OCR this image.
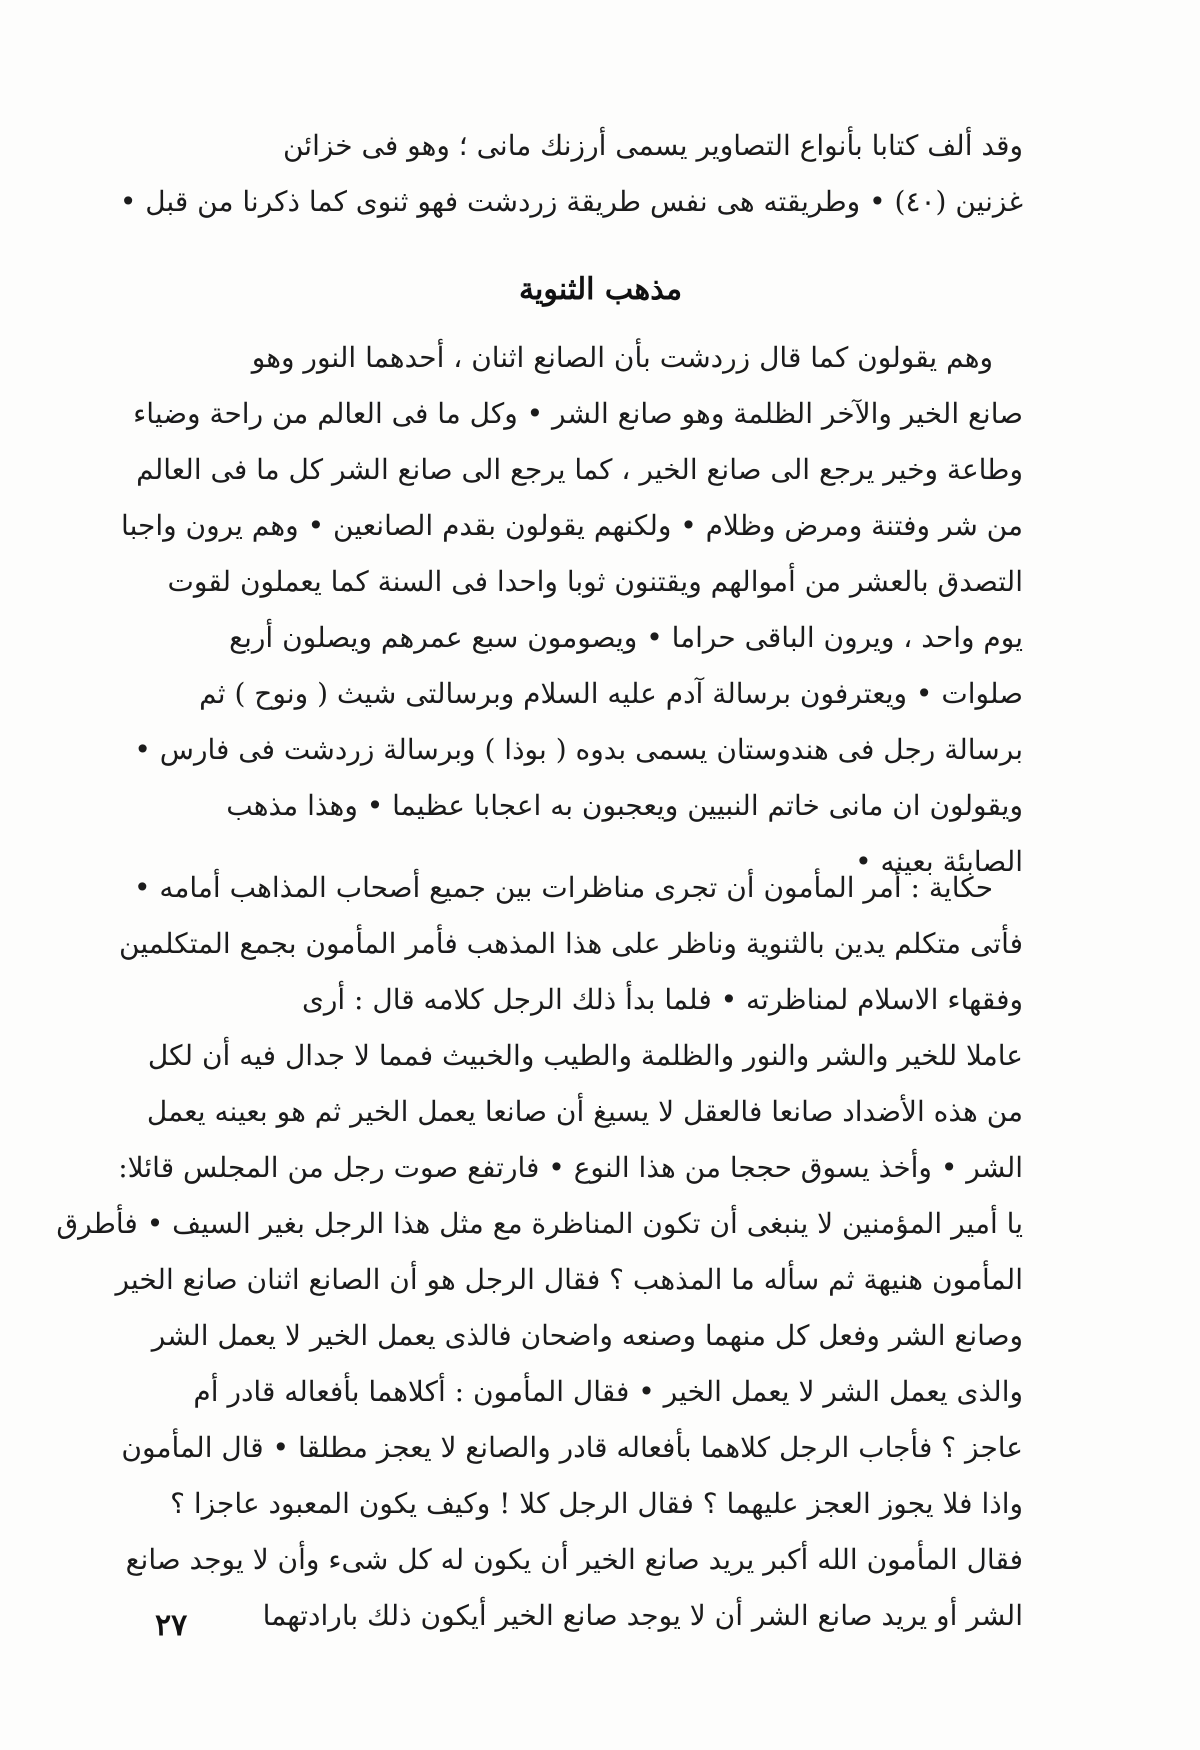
وقد ألف كتابا بأنواع التصاوير يسمى أرزنك مانى ؛ وهو فى خزائن
غزنين (٤٠) • وطريقته هى نفس طريقة زردشت فهو ثنوى كما ذكرنا من قبل •
مذهب الثنوية
وهم يقولون كما قال زردشت بأن الصانع اثنان ، أحدهما النور وهو
صانع الخير والآخر الظلمة وهو صانع الشر • وكل ما فى العالم من راحة وضياء
وطاعة وخير يرجع الى صانع الخير ، كما يرجع الى صانع الشر كل ما فى العالم
من شر وفتنة ومرض وظلام • ولكنهم يقولون بقدم الصانعين • وهم يرون واجبا
التصدق بالعشر من أموالهم ويقتنون ثوبا واحدا فى السنة كما يعملون لقوت
يوم واحد ، ويرون الباقى حراما • ويصومون سبع عمرهم ويصلون أربع
صلوات • ويعترفون برسالة آدم عليه السلام وبرسالتى شيث ( ونوح ) ثم
برسالة رجل فى هندوستان يسمى بدوه ( بوذا ) وبرسالة زردشت فى فارس •
ويقولون ان مانى خاتم النبيين ويعجبون به اعجابا عظيما • وهذا مذهب
الصابئة بعينه •
حكاية : أمر المأمون أن تجرى مناظرات بين جميع أصحاب المذاهب أمامه •
فأتى متكلم يدين بالثنوية وناظر على هذا المذهب فأمر المأمون بجمع المتكلمين
وفقهاء الاسلام لمناظرته • فلما بدأ ذلك الرجل كلامه قال : أرى
عاملا للخير والشر والنور والظلمة والطيب والخبيث فمما لا جدال فيه أن لكل
من هذه الأضداد صانعا فالعقل لا يسيغ أن صانعا يعمل الخير ثم هو بعينه يعمل
الشر • وأخذ يسوق حججا من هذا النوع • فارتفع صوت رجل من المجلس قائلا:
يا أمير المؤمنين لا ينبغى أن تكون المناظرة مع مثل هذا الرجل بغير السيف • فأطرق
المأمون هنيهة ثم سأله ما المذهب ؟ فقال الرجل هو أن الصانع اثنان صانع الخير
وصانع الشر وفعل كل منهما وصنعه واضحان فالذى يعمل الخير لا يعمل الشر
والذى يعمل الشر لا يعمل الخير • فقال المأمون : أكلاهما بأفعاله قادر أم
عاجز ؟ فأجاب الرجل كلاهما بأفعاله قادر والصانع لا يعجز مطلقا • قال المأمون
واذا فلا يجوز العجز عليهما ؟ فقال الرجل كلا ! وكيف يكون المعبود عاجزا ؟
فقال المأمون الله أكبر يريد صانع الخير أن يكون له كل شىء وأن لا يوجد صانع
الشر أو يريد صانع الشر أن لا يوجد صانع الخير أيكون ذلك بارادتهما
٢٧
